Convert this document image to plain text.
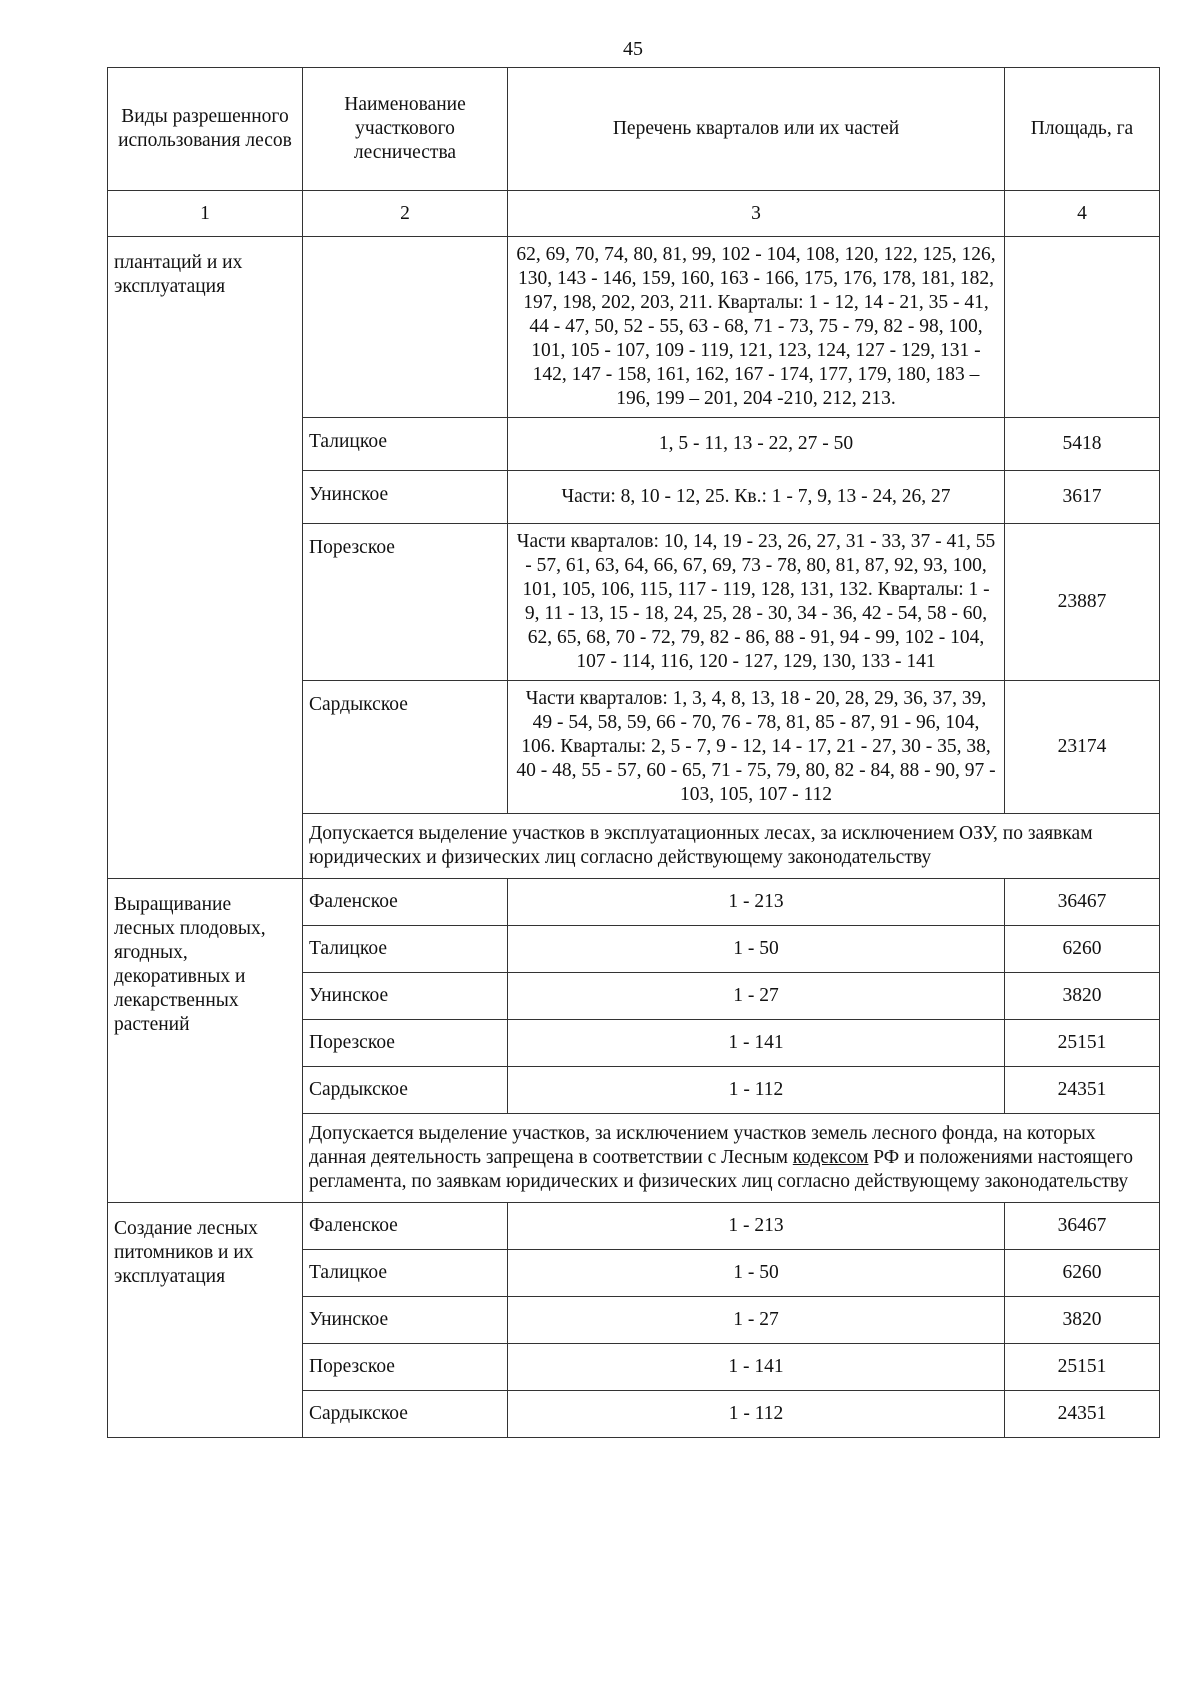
45
Виды разрешенного использования лесов	Наименование участкового лесничества	Перечень кварталов или их частей	Площадь, га
1	2	3	4
плантаций и их эксплуатация		62, 69, 70, 74, 80, 81, 99, 102 - 104, 108, 120, 122, 125, 126, 130, 143 - 146, 159, 160, 163 - 166, 175, 176, 178, 181, 182, 197, 198, 202, 203, 211. Кварталы: 1 - 12, 14 - 21, 35 - 41, 44 - 47, 50, 52 - 55, 63 - 68, 71 - 73, 75 - 79, 82 - 98, 100, 101, 105 - 107, 109 - 119, 121, 123, 124, 127 - 129, 131 - 142, 147 - 158, 161, 162, 167 - 174, 177, 179, 180, 183 – 196, 199 – 201, 204 -210, 212, 213.	
	Талицкое	1, 5 - 11, 13 - 22, 27 - 50	5418
	Унинское	Части: 8, 10 - 12, 25. Кв.: 1 - 7, 9, 13 - 24, 26, 27	3617
	Порезское	Части кварталов: 10, 14, 19 - 23, 26, 27, 31 - 33, 37 - 41, 55 - 57, 61, 63, 64, 66, 67, 69, 73 - 78, 80, 81, 87, 92, 93, 100, 101, 105, 106, 115, 117 - 119, 128, 131, 132. Кварталы: 1 - 9, 11 - 13, 15 - 18, 24, 25, 28 - 30, 34 - 36, 42 - 54, 58 - 60, 62, 65, 68, 70 - 72, 79, 82 - 86, 88 - 91, 94 - 99, 102 - 104, 107 - 114, 116, 120 - 127, 129, 130, 133 - 141	23887
	Сардыкское	Части кварталов: 1, 3, 4, 8, 13, 18 - 20, 28, 29, 36, 37, 39, 49 - 54, 58, 59, 66 - 70, 76 - 78, 81, 85 - 87, 91 - 96, 104, 106. Кварталы: 2, 5 - 7, 9 - 12, 14 - 17, 21 - 27, 30 - 35, 38, 40 - 48, 55 - 57, 60 - 65, 71 - 75, 79, 80, 82 - 84, 88 - 90, 97 - 103, 105, 107 - 112	23174
	Допускается выделение участков в эксплуатационных лесах, за исключением ОЗУ, по заявкам юридических и физических лиц согласно действующему законодательству		
Выращивание лесных плодовых, ягодных, декоративных и лекарственных растений	Фаленское	1 - 213	36467
	Талицкое	1 - 50	6260
	Унинское	1 - 27	3820
	Порезское	1 - 141	25151
	Сардыкское	1 - 112	24351
	Допускается выделение участков, за исключением участков земель лесного фонда, на которых данная деятельность запрещена в соответствии с Лесным кодексом РФ и положениями настоящего регламента, по заявкам юридических и физических лиц согласно действующему законодательству		
Создание лесных питомников и их эксплуатация	Фаленское	1 - 213	36467
	Талицкое	1 - 50	6260
	Унинское	1 - 27	3820
	Порезское	1 - 141	25151
	Сардыкское	1 - 112	24351
